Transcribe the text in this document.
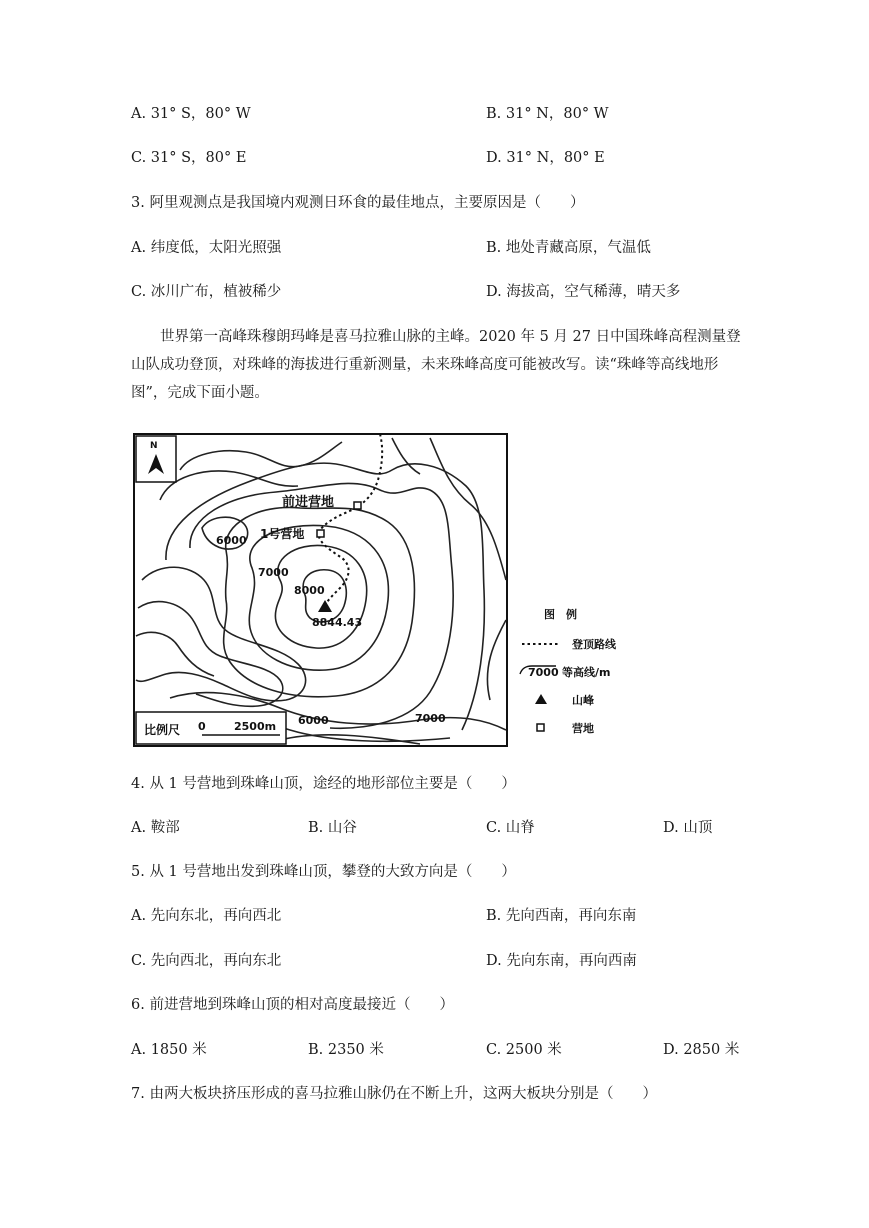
A. 31° S，80° W	B. 31° N，80° W
C. 31° S，80° E	D. 31° N，80° E
3. 阿里观测点是我国境内观测日环食的最佳地点，主要原因是（　　）
A. 纬度低，太阳光照强	B. 地处青藏高原，气温低
C. 冰川广布，植被稀少	D. 海拔高，空气稀薄，晴天多
世界第一高峰珠穆朗玛峰是喜马拉雅山脉的主峰。2020 年 5 月 27 日中国珠峰高程测量登山队成功登顶，对珠峰的海拔进行重新测量，未来珠峰高度可能被改写。读“珠峰等高线地形图”，完成下面小题。
N
前进营地
1号营地
6000
7000
8000
8844.43
比例尺 0	2500m 6000	7000
图　例
登顶路线
7000 等高线/m
山峰
营地
4. 从 1 号营地到珠峰山顶，途经的地形部位主要是（　　）
A. 鞍部	B. 山谷	C. 山脊	D. 山顶
5. 从 1 号营地出发到珠峰山顶，攀登的大致方向是（　　）
A. 先向东北，再向西北	B. 先向西南，再向东南
C. 先向西北，再向东北	D. 先向东南，再向西南
6. 前进营地到珠峰山顶的相对高度最接近（　　）
A. 1850 米	B. 2350 米	C. 2500 米	D. 2850 米
7. 由两大板块挤压形成的喜马拉雅山脉仍在不断上升，这两大板块分别是（　　）
